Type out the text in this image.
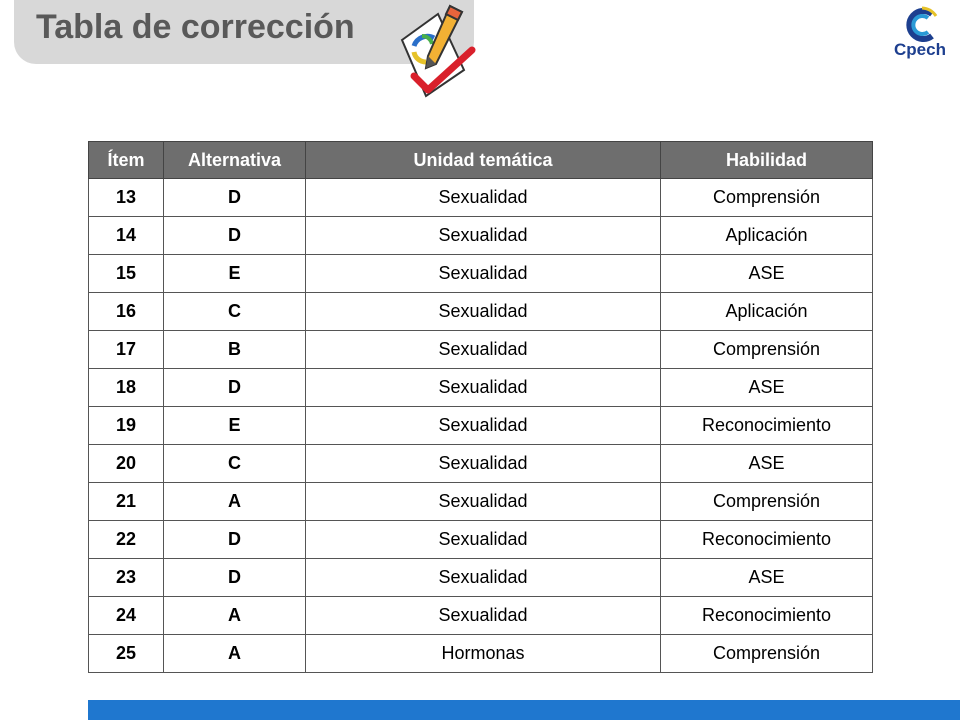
Tabla de corrección
Cpech
Ítem	Alternativa	Unidad temática	Habilidad
13	D	Sexualidad	Comprensión
14	D	Sexualidad	Aplicación
15	E	Sexualidad	ASE
16	C	Sexualidad	Aplicación
17	B	Sexualidad	Comprensión
18	D	Sexualidad	ASE
19	E	Sexualidad	Reconocimiento
20	C	Sexualidad	ASE
21	A	Sexualidad	Comprensión
22	D	Sexualidad	Reconocimiento
23	D	Sexualidad	ASE
24	A	Sexualidad	Reconocimiento
25	A	Hormonas	Comprensión
